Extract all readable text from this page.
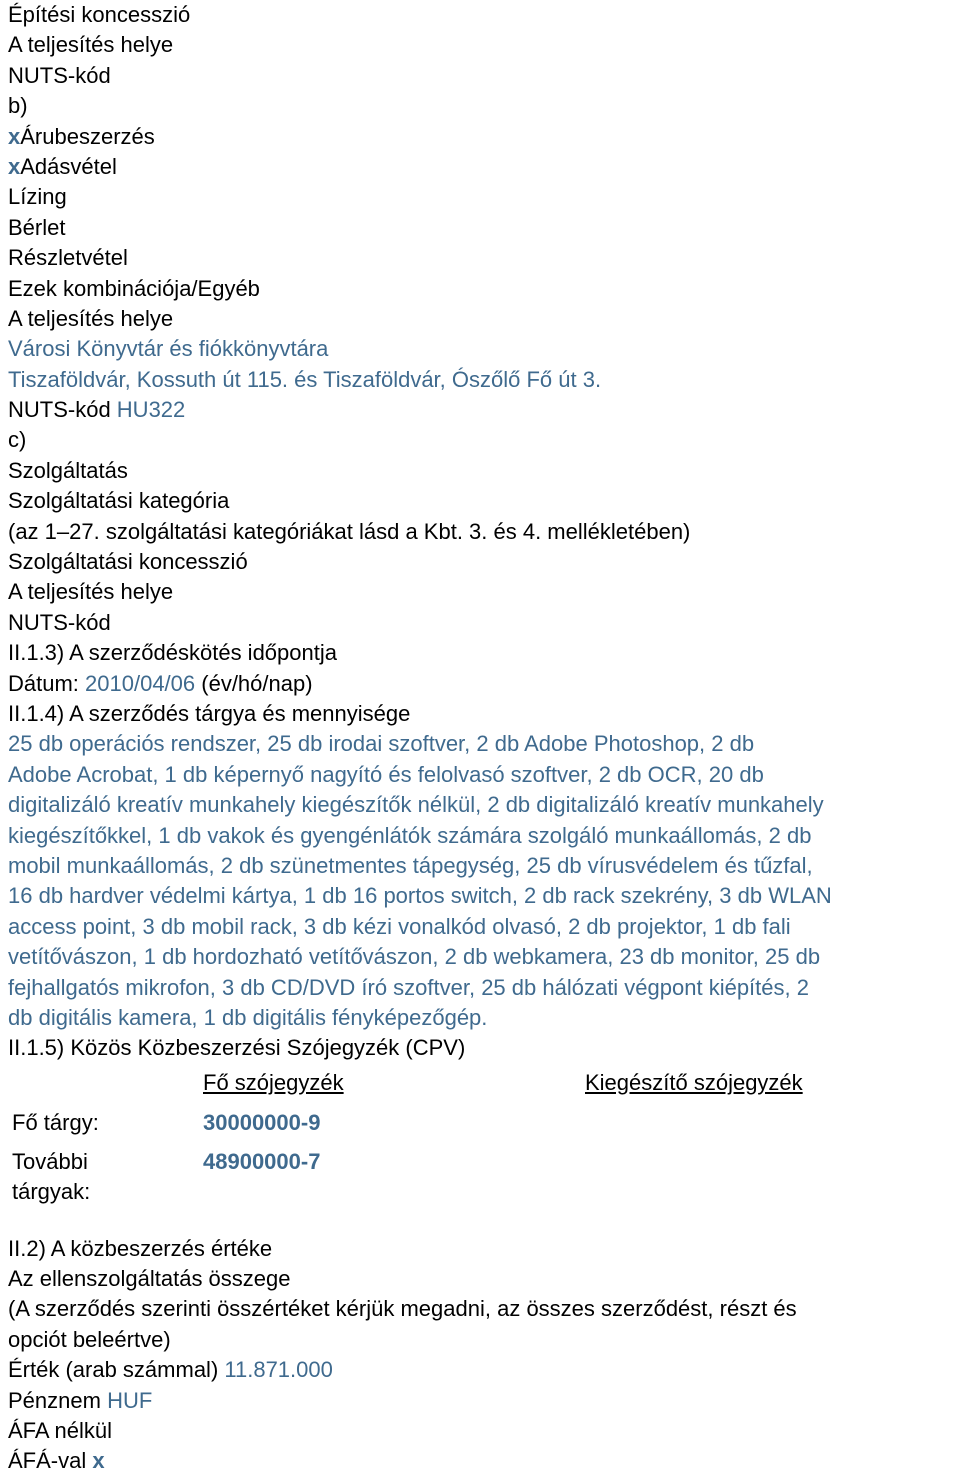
Építési koncesszió
A teljesítés helye
NUTS-kód
b)
xÁrubeszerzés
xAdásvétel
Lízing
Bérlet
Részletvétel
Ezek kombinációja/Egyéb
A teljesítés helye
Városi Könyvtár és fiókkönyvtára
Tiszaföldvár, Kossuth út 115. és Tiszaföldvár, Ószőlő Fő út 3.
NUTS-kód HU322
c)
Szolgáltatás
Szolgáltatási kategória
(az 1–27. szolgáltatási kategóriákat lásd a Kbt. 3. és 4. mellékletében)
Szolgáltatási koncesszió
A teljesítés helye
NUTS-kód
II.1.3) A szerződéskötés időpontja
Dátum: 2010/04/06 (év/hó/nap)
II.1.4) A szerződés tárgya és mennyisége
25 db operációs rendszer, 25 db irodai szoftver, 2 db Adobe Photoshop, 2 db
Adobe Acrobat, 1 db képernyő nagyító és felolvasó szoftver, 2 db OCR, 20 db
digitalizáló kreatív munkahely kiegészítők nélkül, 2 db digitalizáló kreatív munkahely
kiegészítőkkel, 1 db vakok és gyengénlátók számára szolgáló munkaállomás, 2 db
mobil munkaállomás, 2 db szünetmentes tápegység, 25 db vírusvédelem és tűzfal,
16 db hardver védelmi kártya, 1 db 16 portos switch, 2 db rack szekrény, 3 db WLAN
access point, 3 db mobil rack, 3 db kézi vonalkód olvasó, 2 db projektor, 1 db fali
vetítővászon, 1 db hordozható vetítővászon, 2 db webkamera, 23 db monitor, 25 db
fejhallgatós mikrofon, 3 db CD/DVD író szoftver, 25 db hálózati végpont kiépítés, 2
db digitális kamera, 1 db digitális fényképezőgép.
II.1.5) Közös Közbeszerzési Szójegyzék (CPV)
Fő szójegyzék	Kiegészítő szójegyzék
Fő tárgy:	30000000-9
További
tárgyak:
48900000-7
II.2) A közbeszerzés értéke
Az ellenszolgáltatás összege
(A szerződés szerinti összértéket kérjük megadni, az összes szerződést, részt és
opciót beleértve)
Érték (arab számmal) 11.871.000
Pénznem HUF
ÁFA nélkül
ÁFÁ-val x
